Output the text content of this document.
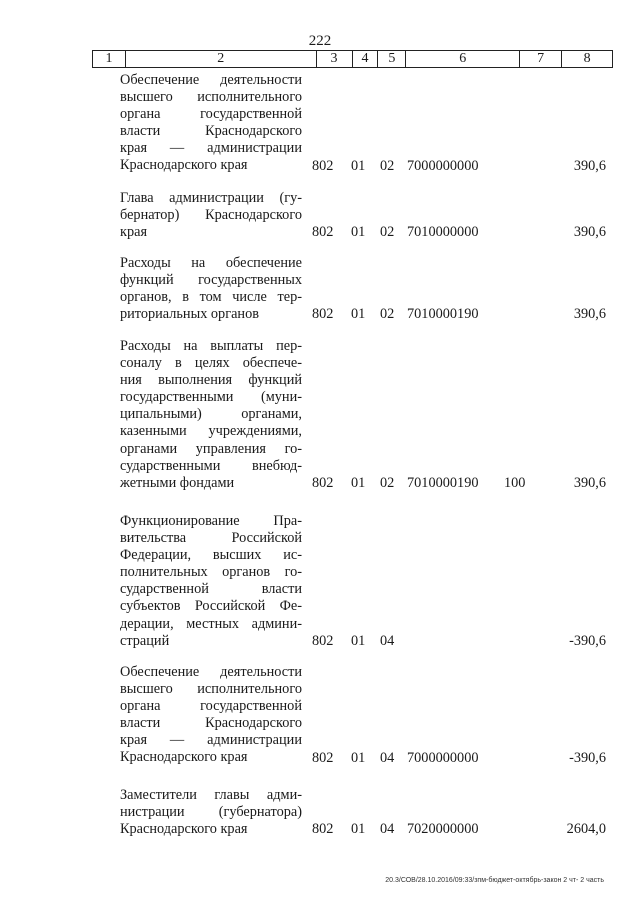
222
1	2	3	4	5	6	7	8
Обеспечение деятельности
высшего исполнительного
органа государственной
власти Краснодарского
края — администрации
Краснодарского края	802	01	02 7000000000	390,6
Глава администрации (гу-
бернатор) Краснодарского
края	802	01	02 7010000000	390,6
Расходы на обеспечение
функций государственных
органов, в том числе тер-
риториальных органов	802	01	02 7010000190	390,6
Расходы на выплаты пер-
соналу в целях обеспече-
ния выполнения функций
государственными (муни-
ципальными) органами,
казенными учреждениями,
органами управления го-
сударственными внебюд-
жетными фондами	802	01	02 7010000190	100	390,6
Функционирование Пра-
вительства Российской
Федерации, высших ис-
полнительных органов го-
сударственной власти
субъектов Российской Фе-
дерации, местных админи-
страций	802	01	04	-390,6
Обеспечение деятельности
высшего исполнительного
органа государственной
власти Краснодарского
края — администрации
Краснодарского края	802	01	04 7000000000	-390,6
Заместители главы адми-
нистрации (губернатора)
Краснодарского края	802	01	04 7020000000	2604,0
20.3/СОВ/28.10.2016/09:33/зпм-бюджет-октябрь-закон 2 чт- 2 часть
